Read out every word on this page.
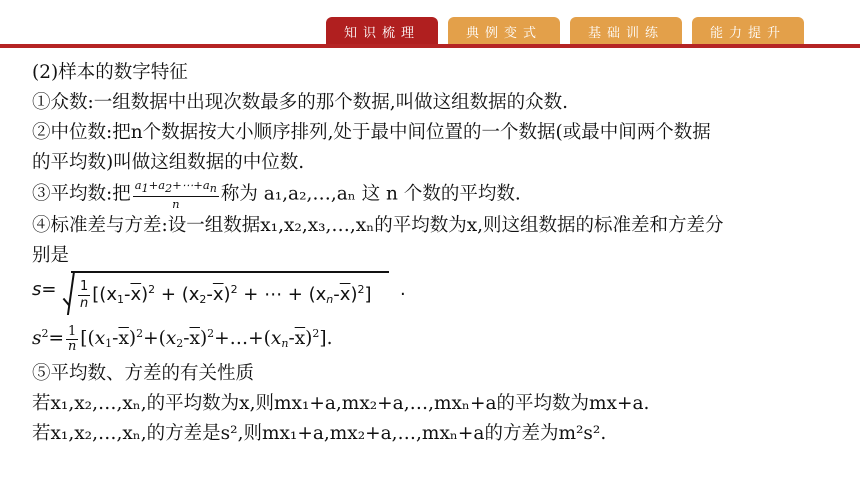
知识梳理	典例变式	基础训练	能力提升
(2)样本的数字特征
①众数:一组数据中出现次数最多的那个数据,叫做这组数据的众数.
②中位数:把n个数据按大小顺序排列,处于最中间位置的一个数据(或最中间两个数据
的平均数)叫做这组数据的中位数.
③平均数:把 $\frac{a_1+a_2+\cdots+a_n}{n}$ 称为 a₁,a₂,…,aₙ 这 n 个数的平均数.
④标准差与方差:设一组数据x₁,x₂,x₃,…,xₙ的平均数为x,则这组数据的标准差和方差分
别是
$s= \frac{1}{n} [(x_1-\overline{x})^2 + (x_2-\overline{x})^2$ + ⋯ + $(x_n-\overline{x})^2$] .
$s^2= \frac{1}{n}$ $[(x_1-\overline{x})^2+(x_2-\overline{x})^2+\dots+(x_n-\overline{x})^2]$.
⑤平均数、方差的有关性质
若x₁,x₂,…,xₙ,的平均数为x,则mx₁+a,mx₂+a,…,mxₙ+a的平均数为mx+a.
若x₁,x₂,…,xₙ,的方差是s²,则mx₁+a,mx₂+a,…,mxₙ+a的方差为m²s².
